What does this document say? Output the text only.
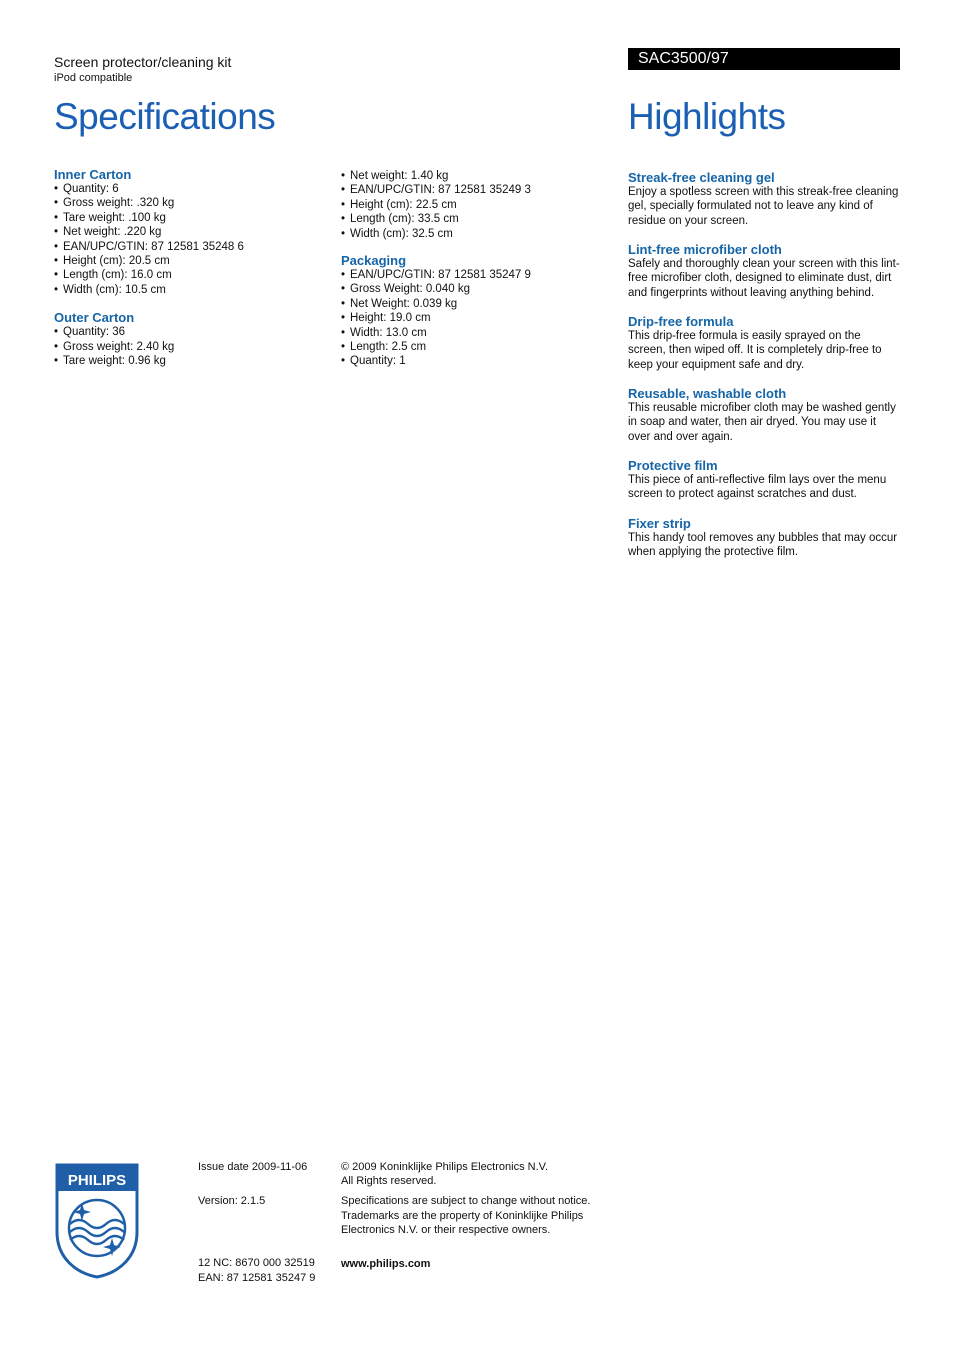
Screen protector/cleaning kit
iPod compatible
SAC3500/97
Specifications	Highlights
Inner Carton
• Quantity: 6
• Gross weight: .320 kg
• Tare weight: .100 kg
• Net weight: .220 kg
• EAN/UPC/GTIN: 87 12581 35248 6
• Height (cm): 20.5 cm
• Length (cm): 16.0 cm
• Width (cm): 10.5 cm
Outer Carton
• Quantity: 36
• Gross weight: 2.40 kg
• Tare weight: 0.96 kg
• Net weight: 1.40 kg
• EAN/UPC/GTIN: 87 12581 35249 3
• Height (cm): 22.5 cm
• Length (cm): 33.5 cm
• Width (cm): 32.5 cm
Packaging
• EAN/UPC/GTIN: 87 12581 35247 9
• Gross Weight: 0.040 kg
• Net Weight: 0.039 kg
• Height: 19.0 cm
• Width: 13.0 cm
• Length: 2.5 cm
• Quantity: 1
Streak-free cleaning gel
Enjoy a spotless screen with this streak-free cleaning gel, specially formulated not to leave any kind of residue on your screen.
Lint-free microfiber cloth
Safely and thoroughly clean your screen with this lint-free microfiber cloth, designed to eliminate dust, dirt and fingerprints without leaving anything behind.
Drip-free formula
This drip-free formula is easily sprayed on the screen, then wiped off. It is completely drip-free to keep your equipment safe and dry.
Reusable, washable cloth
This reusable microfiber cloth may be washed gently in soap and water, then air dryed. You may use it over and over again.
Protective film
This piece of anti-reflective film lays over the menu screen to protect against scratches and dust.
Fixer strip
This handy tool removes any bubbles that may occur when applying the protective film.
PHILIPS
Issue date 2009-11-06
Version: 2.1.5
12 NC: 8670 000 32519
EAN: 87 12581 35247 9
© 2009 Koninklijke Philips Electronics N.V.
All Rights reserved.
Specifications are subject to change without notice.
Trademarks are the property of Koninklijke Philips
Electronics N.V. or their respective owners.
www.philips.com
